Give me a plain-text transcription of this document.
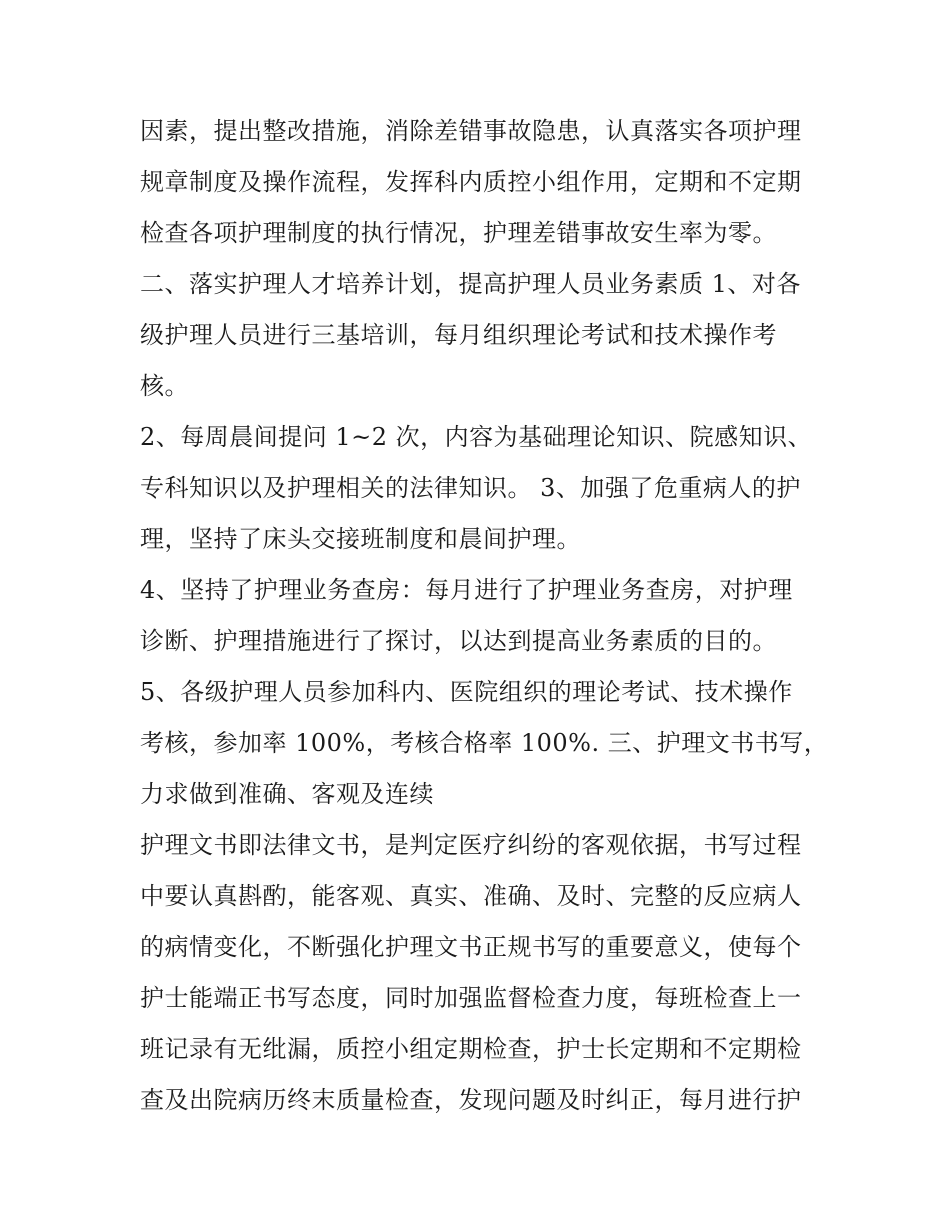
因素，提出整改措施，消除差错事故隐患，认真落实各项护理
规章制度及操作流程，发挥科内质控小组作用，定期和不定期
检查各项护理制度的执行情况，护理差错事故安生率为零。
二、落实护理人才培养计划，提高护理人员业务素质 1、对各
级护理人员进行三基培训，每月组织理论考试和技术操作考
核。
2、每周晨间提问 1~2 次，内容为基础理论知识、院感知识、
专科知识以及护理相关的法律知识。 3、加强了危重病人的护
理，坚持了床头交接班制度和晨间护理。
4、坚持了护理业务查房：每月进行了护理业务查房，对护理
诊断、护理措施进行了探讨，以达到提高业务素质的目的。
5、各级护理人员参加科内、医院组织的理论考试、技术操作
考核，参加率 100%，考核合格率 100%. 三、护理文书书写，
力求做到准确、客观及连续
护理文书即法律文书，是判定医疗纠纷的客观依据，书写过程
中要认真斟酌，能客观、真实、准确、及时、完整的反应病人
的病情变化，不断强化护理文书正规书写的重要意义，使每个
护士能端正书写态度，同时加强监督检查力度，每班检查上一
班记录有无纰漏，质控小组定期检查，护士长定期和不定期检
查及出院病历终末质量检查，发现问题及时纠正，每月进行护
